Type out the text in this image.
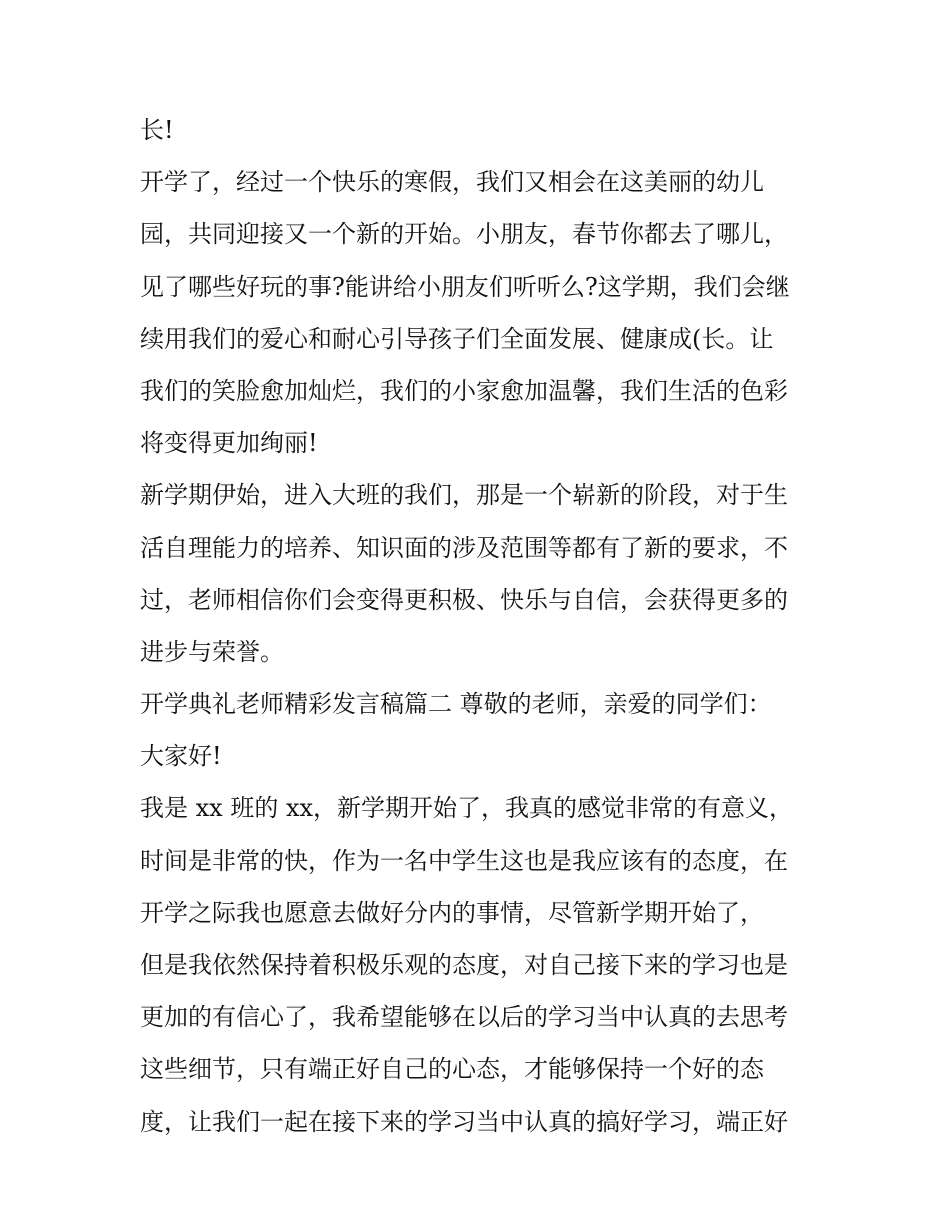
长!
开学了，经过一个快乐的寒假，我们又相会在这美丽的幼儿
园，共同迎接又一个新的开始。小朋友，春节你都去了哪儿，
见了哪些好玩的事?能讲给小朋友们听听么?这学期，我们会继
续用我们的爱心和耐心引导孩子们全面发展、健康成(长。让
我们的笑脸愈加灿烂，我们的小家愈加温馨，我们生活的色彩
将变得更加绚丽!
新学期伊始，进入大班的我们，那是一个崭新的阶段，对于生
活自理能力的培养、知识面的涉及范围等都有了新的要求，不
过，老师相信你们会变得更积极、快乐与自信，会获得更多的
进步与荣誉。
开学典礼老师精彩发言稿篇二 尊敬的老师，亲爱的同学们：
大家好!
我是 xx 班的 xx，新学期开始了，我真的感觉非常的有意义，
时间是非常的快，作为一名中学生这也是我应该有的态度，在
开学之际我也愿意去做好分内的事情，尽管新学期开始了，
但是我依然保持着积极乐观的态度，对自己接下来的学习也是
更加的有信心了，我希望能够在以后的学习当中认真的去思考
这些细节，只有端正好自己的心态，才能够保持一个好的态
度，让我们一起在接下来的学习当中认真的搞好学习，端正好
